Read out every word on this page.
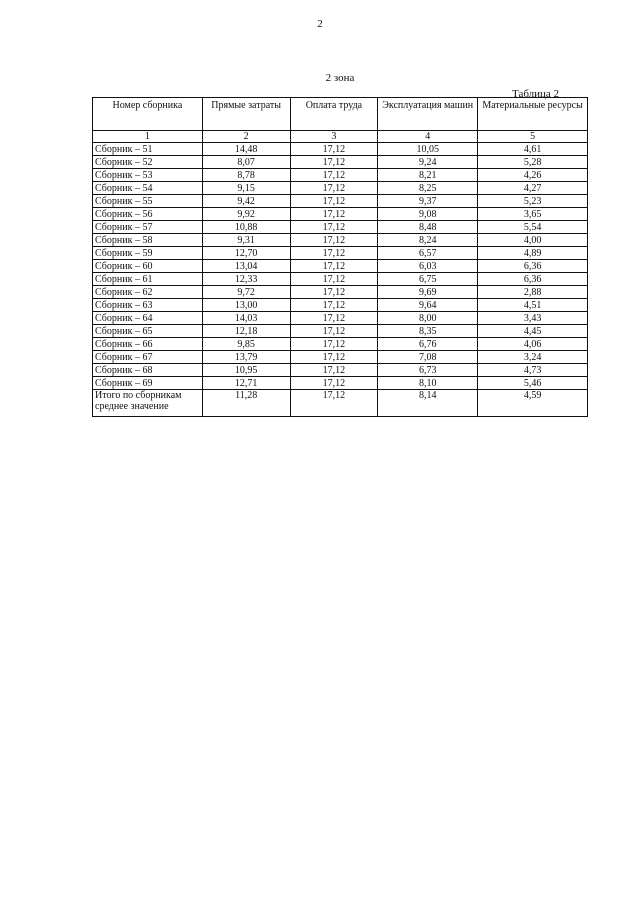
2
2 зона
Таблица 2
Номер сборника	Прямые затраты	Оплата труда	Эксплуатация машин	Материальные ресурсы
1	2	3	4	5
Сборник – 51	14,48	17,12	10,05	4,61
Сборник – 52	8,07	17,12	9,24	5,28
Сборник – 53	8,78	17,12	8,21	4,26
Сборник – 54	9,15	17,12	8,25	4,27
Сборник – 55	9,42	17,12	9,37	5,23
Сборник – 56	9,92	17,12	9,08	3,65
Сборник – 57	10,88	17,12	8,48	5,54
Сборник – 58	9,31	17,12	8,24	4,00
Сборник – 59	12,70	17,12	6,57	4,89
Сборник – 60	13,04	17,12	6,03	6,36
Сборник – 61	12,33	17,12	6,75	6,36
Сборник – 62	9,72	17,12	9,69	2,88
Сборник – 63	13,00	17,12	9,64	4,51
Сборник – 64	14,03	17,12	8,00	3,43
Сборник – 65	12,18	17,12	8,35	4,45
Сборник – 66	9,85	17,12	6,76	4,06
Сборник – 67	13,79	17,12	7,08	3,24
Сборник – 68	10,95	17,12	6,73	4,73
Сборник – 69	12,71	17,12	8,10	5,46
Итого по сборникам среднее значение	11,28	17,12	8,14	4,59
